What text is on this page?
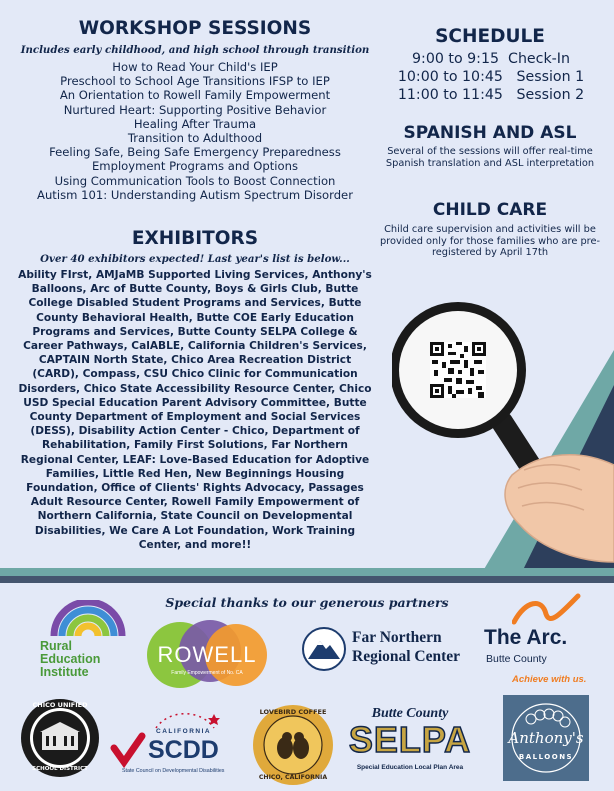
WORKSHOP SESSIONS
Includes early childhood, and high school through transition
How to Read Your Child's IEP
Preschool to School Age Transitions IFSP to IEP
An Orientation to Rowell Family Empowerment
Nurtured Heart: Supporting Positive Behavior
Healing After Trauma
Transition to Adulthood
Feeling Safe, Being Safe Emergency Preparedness
Employment Programs and Options
Using Communication Tools to Boost Connection
Autism 101: Understanding Autism Spectrum Disorder
EXHIBITORS
Over 40 exhibitors expected! Last year's list is below...
Ability FIrst, AMJaMB Supported Living Services, Anthony's Balloons, Arc of Butte County, Boys & Girls Club, Butte College Disabled Student Programs and Services, Butte County Behavioral Health, Butte COE Early Education Programs and Services, Butte County SELPA College & Career Pathways, CalABLE, California Children's Services, CAPTAIN North State, Chico Area Recreation District (CARD), Compass, CSU Chico Clinic for Communication Disorders, Chico State Accessibility Resource Center, Chico USD Special Education Parent Advisory Committee, Butte County Department of Employment and Social Services (DESS), Disability Action Center - Chico, Department of Rehabilitation, Family First Solutions, Far Northern Regional Center, LEAF: Love-Based Education for Adoptive Families, Little Red Hen, New Beginnings Housing Foundation, Office of Clients' Rights Advocacy, Passages Adult Resource Center, Rowell Family Empowerment of Northern California, State Council on Developmental Disabilities, We Care A Lot Foundation, Work Training Center, and more!!
SCHEDULE
9:00 to 9:15 Check-In
10:00 to 10:45 Session 1
11:00 to 11:45 Session 2
SPANISH AND ASL
Several of the sessions will offer real-time Spanish translation and ASL interpretation
CHILD CARE
Child care supervision and activities will be provided only for those families who are pre-registered by April 17th
Special thanks to our generous partners
Rural
Education
Institute
ROWELL
Family Empowerment of No. CA
Far Northern
Regional Center
The Arc.
Butte County
Achieve with us.
CHICO UNIFIED
SCHOOL DISTRICT
CALIFORNIA
SCDD
State Council on Developmental Disabilities
LOVEBIRD COFFEE
CHICO, CALIFORNIA
Butte County
SELPA
Special Education Local Plan Area
Anthony's
BALLOONS
